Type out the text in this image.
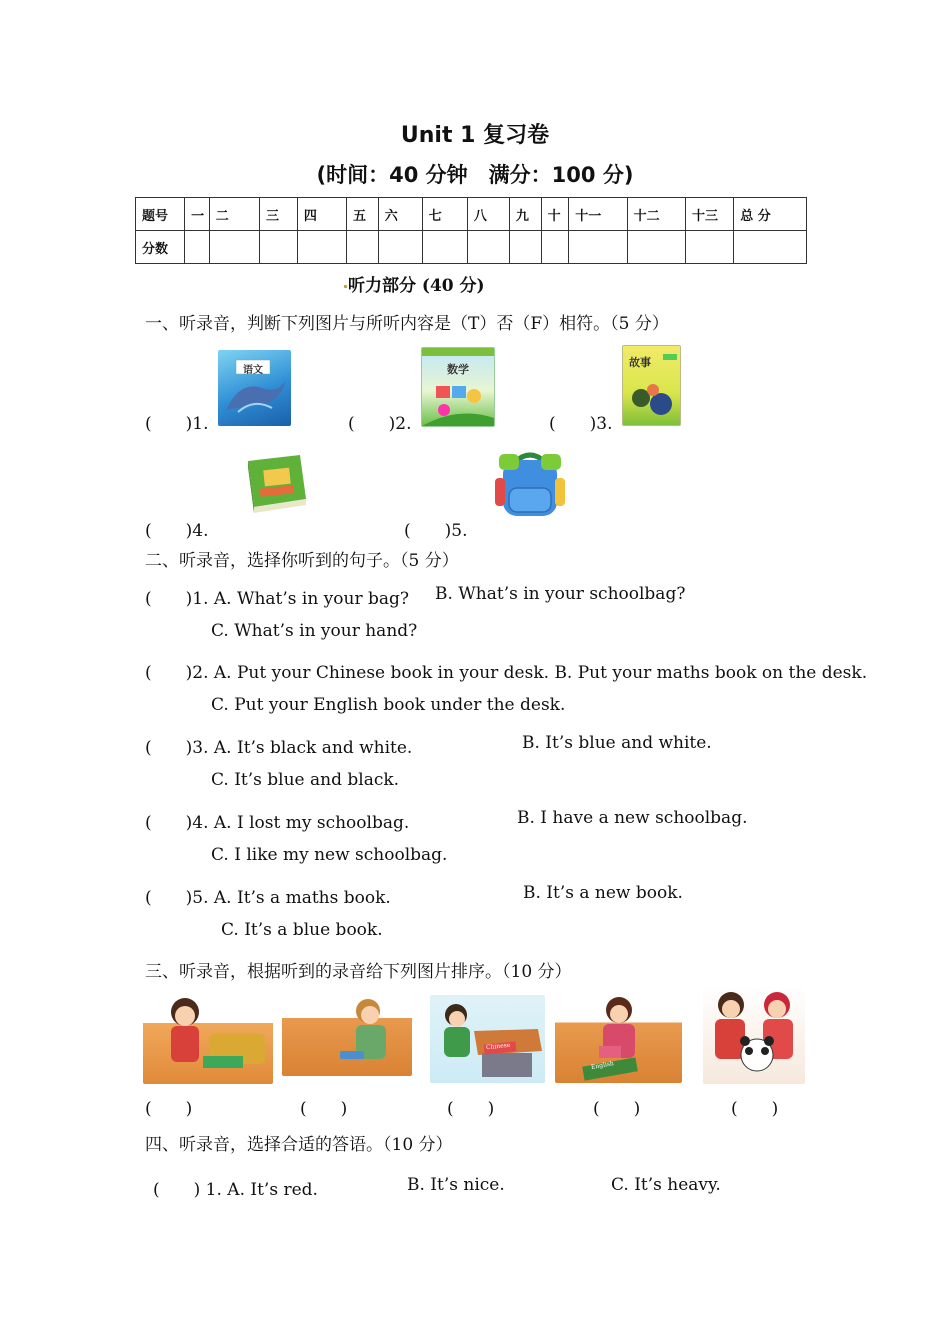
Unit 1 复习卷
(时间：40 分钟　满分：100 分)
题号	一	二	三	四	五	六	七	八	九	十	十一	十二	十三	总 分
分数														
听力部分 (40 分)
一、听录音，判断下列图片与所听内容是（T）否（F）相符。（5 分）
语文	数学
故事
(　　)1.	(　　)2.	(　　)3.
(　　)4.	(　　)5.
二、听录音，选择你听到的句子。（5 分）
(　　)1. A. What’s in your bag? B. What’s in your schoolbag?
C. What’s in your hand?
(　　)2. A. Put your Chinese book in your desk. B. Put your maths book on the desk.
C. Put your English book under the desk.
(　　)3. A. It’s black and white.	B. It’s blue and white.
C. It’s blue and black.
(　　)4. A. I lost my schoolbag.	B. I have a new schoolbag.
C. I like my new schoolbag.
(　　)5. A. It’s a maths book.	B. It’s a new book.
C. It’s a blue book.
三、听录音，根据听到的录音给下列图片排序。（10 分）
Chinese
English
(　　)	(　　)	(　　)	(　　)	(　　)
四、听录音，选择合适的答语。（10 分）
(　　) 1. A. It’s red.	B. It’s nice.	C. It’s heavy.
